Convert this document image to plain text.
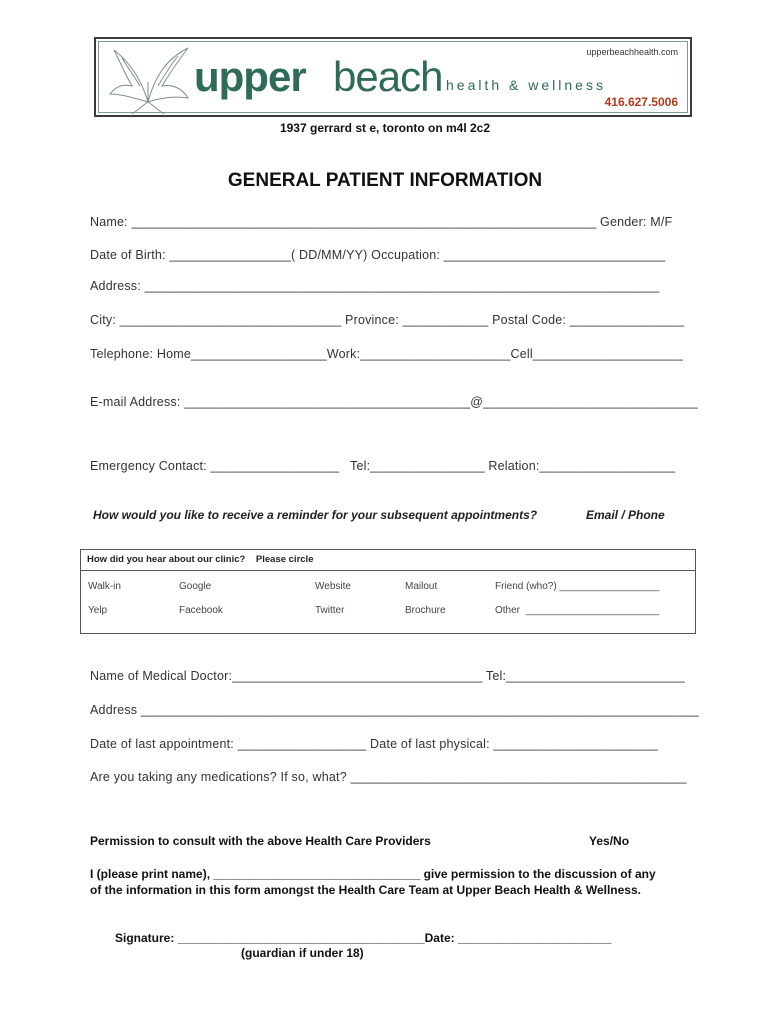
upper beach health & wellness
upperbeachhealth.com
416.627.5006
1937 gerrard st e, toronto on m4l 2c2
GENERAL PATIENT INFORMATION
Name: _________________________________________________________________ Gender: M/F
Date of Birth: _________________( DD/MM/YY) Occupation: _______________________________
Address: ________________________________________________________________________
City: _______________________________ Province: ____________ Postal Code: ________________
Telephone: Home___________________Work:_____________________Cell_____________________
E-mail Address: ________________________________________@______________________________
Emergency Contact: __________________   Tel:________________ Relation:___________________
How would you like to receive a reminder for your subsequent appointments?	Email / Phone
How did you hear about our clinic?    Please circle
Walk-in	Google	Website	Mailout	Friend (who?) __________________
Yelp	Facebook	Twitter	Brochure	Other  ________________________
Name of Medical Doctor:___________________________________ Tel:_________________________
Address ______________________________________________________________________________
Date of last appointment: __________________ Date of last physical: _______________________
Are you taking any medications? If so, what? _______________________________________________
Permission to consult with the above Health Care Providers	Yes/No
I (please print name), _______________________________ give permission to the discussion of any
of the information in this form amongst the Health Care Team at Upper Beach Health & Wellness.
Signature: _____________________________________Date: _______________________
(guardian if under 18)
